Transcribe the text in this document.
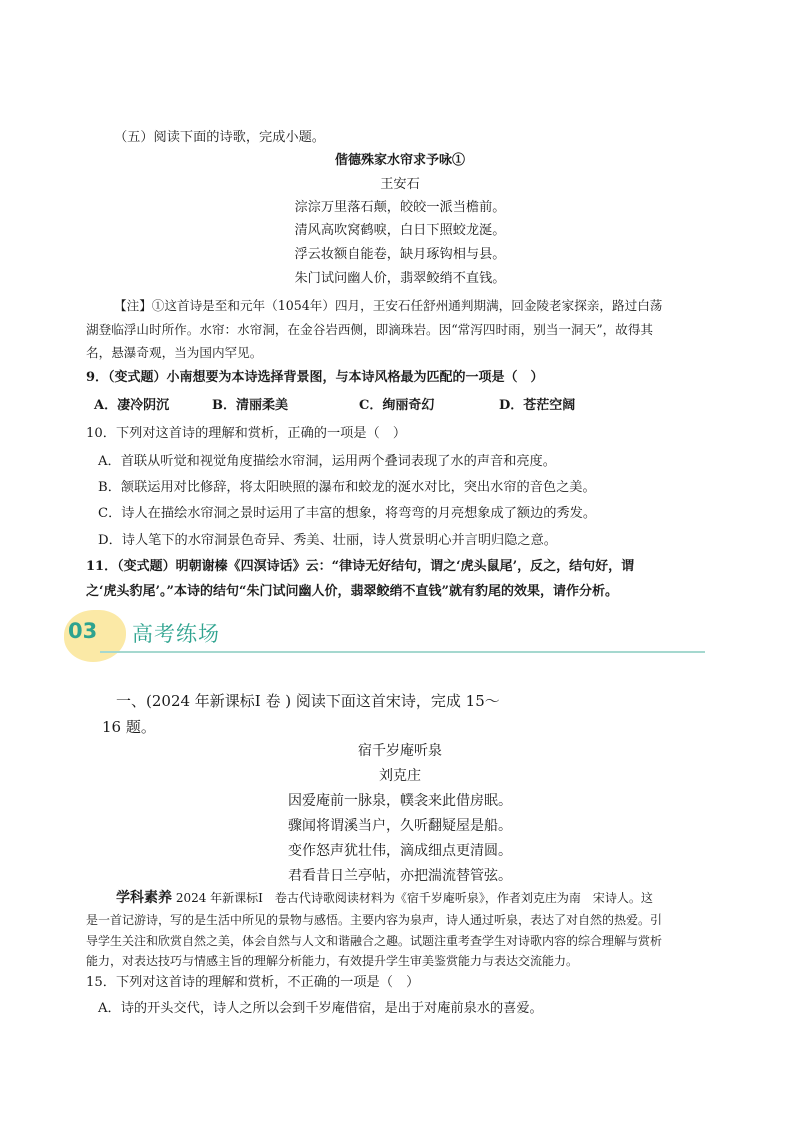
（五）阅读下面的诗歌，完成小题。
偕德殊家水帘求予咏①
王安石
淙淙万里落石颠，皎皎一派当檐前。
清风高吹窝鹤唳，白日下照蛟龙涎。
浮云妆额自能卷，缺月琢钩相与县。
朱门试问幽人价，翡翠鲛绡不直钱。
【注】①这首诗是至和元年（1054年）四月，王安石任舒州通判期满，回金陵老家探亲，路过白荡
湖登临浮山时所作。水帘：水帘洞，在金谷岩西侧，即滴珠岩。因“常泻四时雨，别当一洞天”，故得其
名，悬瀑奇观，当为国内罕见。
9．（变式题）小南想要为本诗选择背景图，与本诗风格最为匹配的一项是（　）
A．凄冷阴沉	B．清丽柔美	C．绚丽奇幻	D．苍茫空阔
10．下列对这首诗的理解和赏析，正确的一项是（　）
A．首联从听觉和视觉角度描绘水帘洞，运用两个叠词表现了水的声音和亮度。
B．颔联运用对比修辞，将太阳映照的瀑布和蛟龙的涎水对比，突出水帘的音色之美。
C．诗人在描绘水帘洞之景时运用了丰富的想象，将弯弯的月亮想象成了额边的秀发。
D．诗人笔下的水帘洞景色奇异、秀美、壮丽，诗人赏景明心并言明归隐之意。
11．（变式题）明朝谢榛《四溟诗话》云：“律诗无好结句，谓之‘虎头鼠尾’，反之，结句好，谓
之‘虎头豹尾’。”本诗的结句“朱门试问幽人价，翡翠鲛绡不直钱”就有豹尾的效果，请作分析。
03 高考练场
一、(2024 年新课标Ⅰ 卷 ) 阅读下面这首宋诗，完成 15～
16 题。
宿千岁庵听泉
刘克庄
因爱庵前一脉泉，幞衾来此借房眠。
骤闻将谓溪当户，久听翻疑屋是船。
变作怒声犹壮伟，滴成细点更清圆。
君看昔日兰亭帖，亦把湍流替管弦。
学科素养 2024 年新课标Ⅰ　卷古代诗歌阅读材料为《宿千岁庵听泉》，作者刘克庄为南　宋诗人。这
是一首记游诗，写的是生活中所见的景物与感悟。主要内容为泉声，诗人通过听泉，表达了对自然的热爱。引
导学生关注和欣赏自然之美，体会自然与人文和谐融合之趣。试题注重考查学生对诗歌内容的综合理解与赏析
能力，对表达技巧与情感主旨的理解分析能力，有效提升学生审美鉴赏能力与表达交流能力。
15．下列对这首诗的理解和赏析，不正确的一项是（　）
A．诗的开头交代，诗人之所以会到千岁庵借宿，是出于对庵前泉水的喜爱。
